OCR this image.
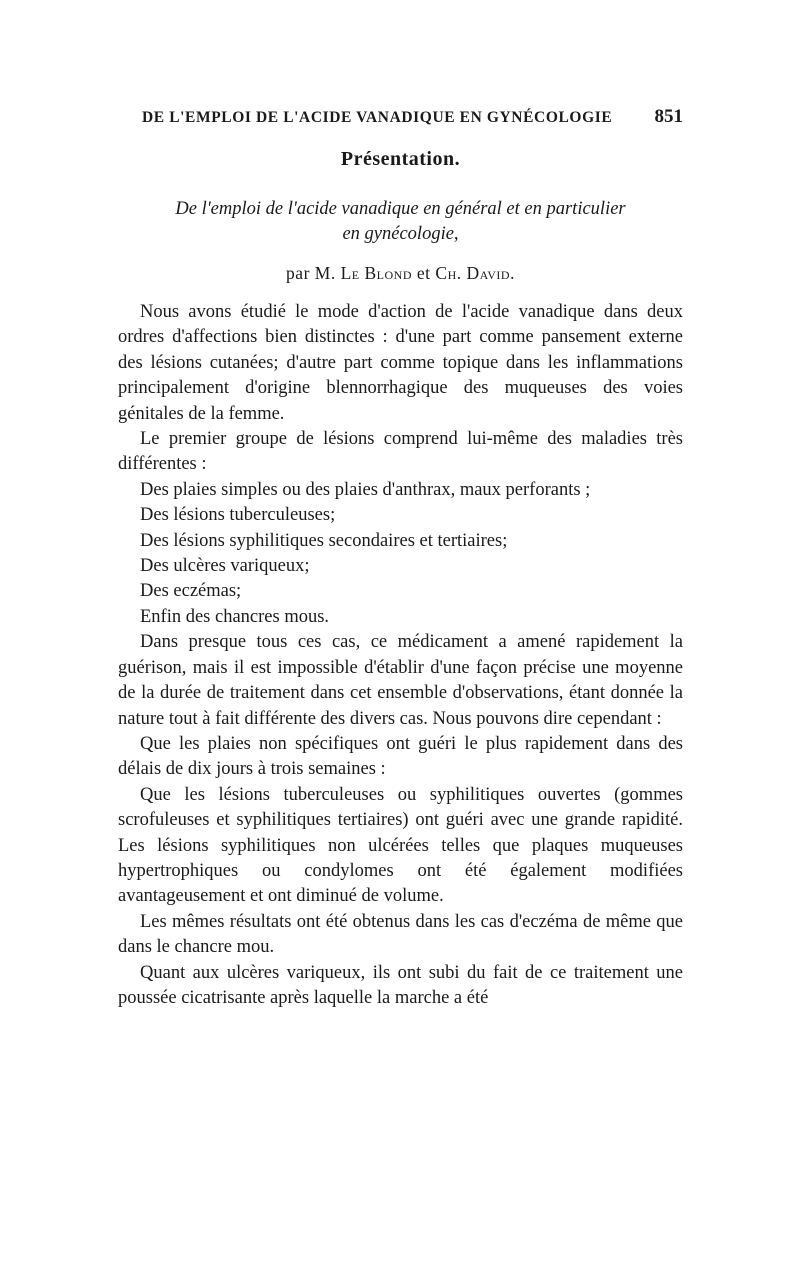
DE L'EMPLOI DE L'ACIDE VANADIQUE EN GYNÉCOLOGIE 851
Présentation.

De l'emploi de l'acide vanadique en général et en particulier
en gynécologie,

par M. Le Blond et Ch. David.

Nous avons étudié le mode d'action de l'acide vanadique dans deux ordres d'affections bien distinctes : d'une part comme pansement externe des lésions cutanées; d'autre part comme topique dans les inflammations principalement d'origine blennorrhagique des muqueuses des voies génitales de la femme.

Le premier groupe de lésions comprend lui-même des maladies très différentes :

Des plaies simples ou des plaies d'anthrax, maux perforants ;

Des lésions tuberculeuses;

Des lésions syphilitiques secondaires et tertiaires;

Des ulcères variqueux;

Des eczémas;

Enfin des chancres mous.

Dans presque tous ces cas, ce médicament a amené rapidement la guérison, mais il est impossible d'établir d'une façon précise une moyenne de la durée de traitement dans cet ensemble d'observations, étant donnée la nature tout à fait différente des divers cas. Nous pouvons dire cependant :

Que les plaies non spécifiques ont guéri le plus rapidement dans des délais de dix jours à trois semaines :

Que les lésions tuberculeuses ou syphilitiques ouvertes (gommes scrofuleuses et syphilitiques tertiaires) ont guéri avec une grande rapidité. Les lésions syphilitiques non ulcérées telles que plaques muqueuses hypertrophiques ou condylomes ont été également modifiées avantageusement et ont diminué de volume.

Les mêmes résultats ont été obtenus dans les cas d'eczéma de même que dans le chancre mou.

Quant aux ulcères variqueux, ils ont subi du fait de ce traitement une poussée cicatrisante après laquelle la marche a été
